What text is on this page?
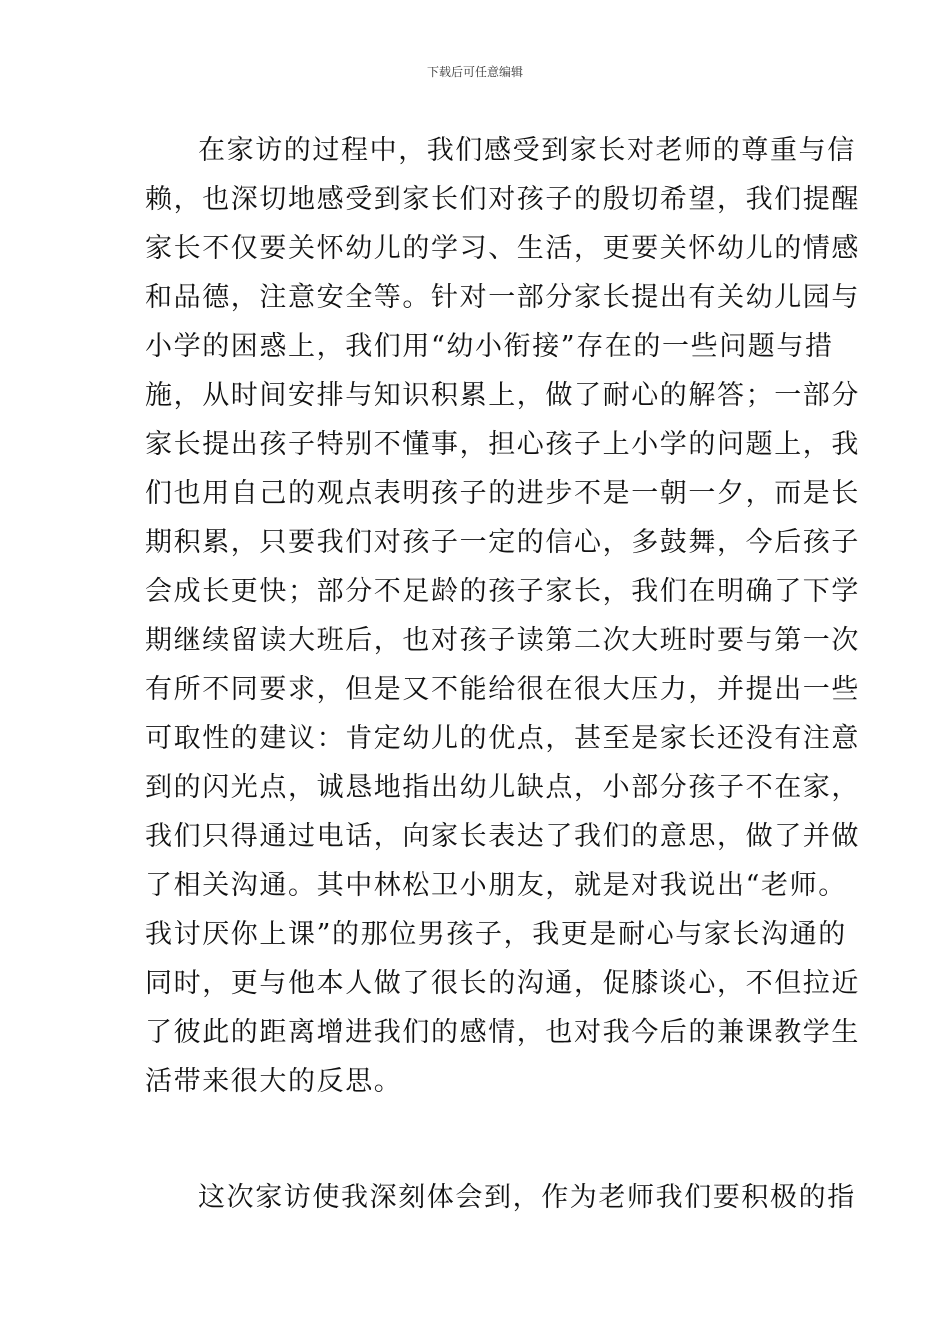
下载后可任意编辑
在家访的过程中，我们感受到家长对老师的尊重与信
赖，也深切地感受到家长们对孩子的殷切希望，我们提醒
家长不仅要关怀幼儿的学习、生活，更要关怀幼儿的情感
和品德，注意安全等。针对一部分家长提出有关幼儿园与
小学的困惑上，我们用“幼小衔接”存在的一些问题与措
施，从时间安排与知识积累上，做了耐心的解答；一部分
家长提出孩子特别不懂事，担心孩子上小学的问题上，我
们也用自己的观点表明孩子的进步不是一朝一夕，而是长
期积累，只要我们对孩子一定的信心，多鼓舞，今后孩子
会成长更快；部分不足龄的孩子家长，我们在明确了下学
期继续留读大班后，也对孩子读第二次大班时要与第一次
有所不同要求，但是又不能给很在很大压力，并提出一些
可取性的建议：肯定幼儿的优点，甚至是家长还没有注意
到的闪光点，诚恳地指出幼儿缺点，小部分孩子不在家，
我们只得通过电话，向家长表达了我们的意思，做了并做
了相关沟通。其中林松卫小朋友，就是对我说出“老师。
我讨厌你上课”的那位男孩子，我更是耐心与家长沟通的
同时，更与他本人做了很长的沟通，促膝谈心，不但拉近
了彼此的距离增进我们的感情，也对我今后的兼课教学生
活带来很大的反思。
这次家访使我深刻体会到，作为老师我们要积极的指
